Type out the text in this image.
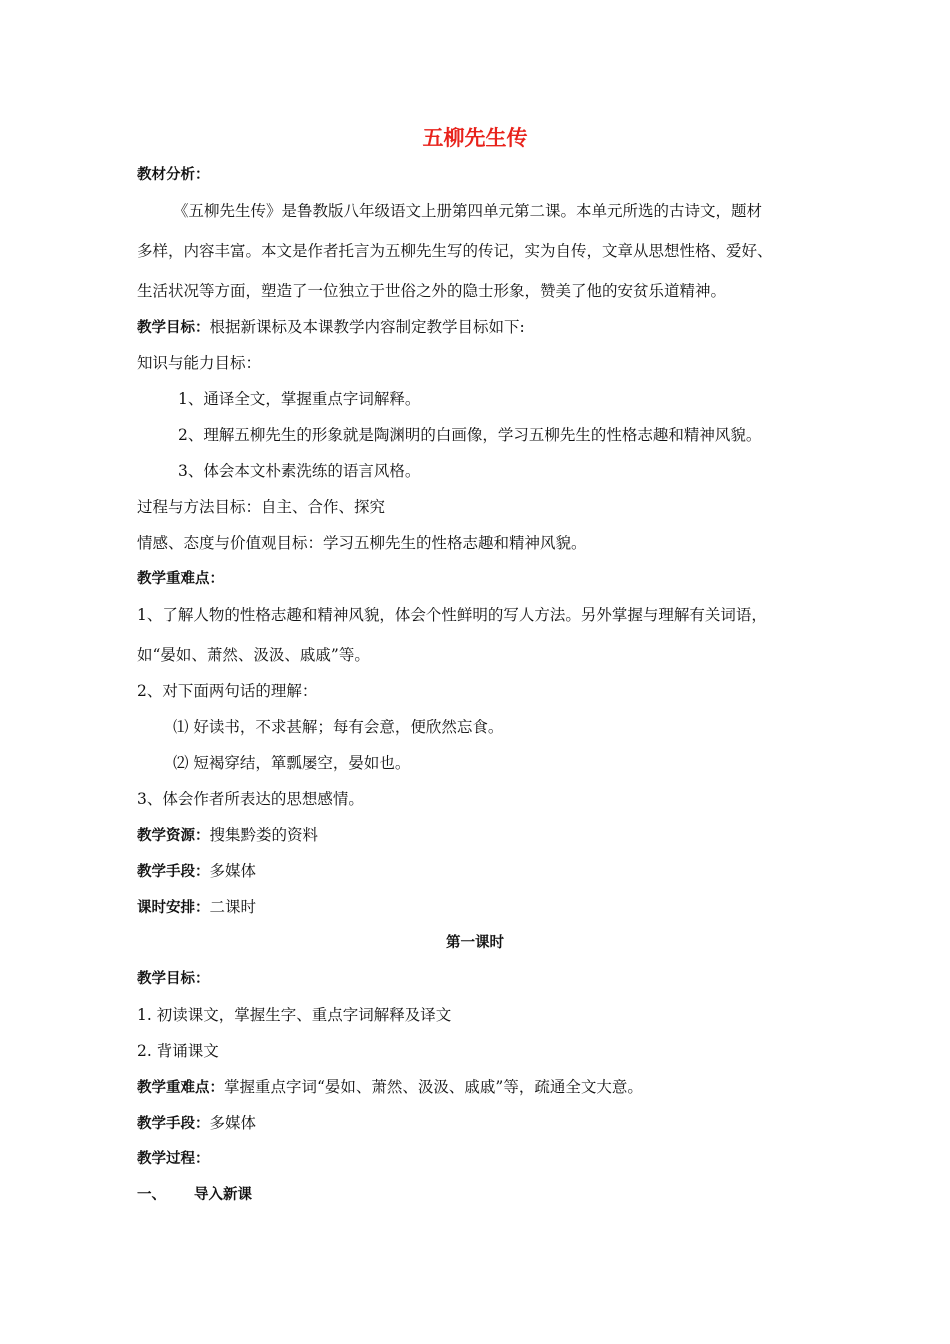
五柳先生传
教材分析：
《五柳先生传》是鲁教版八年级语文上册第四单元第二课。本单元所选的古诗文，题材
多样，内容丰富。本文是作者托言为五柳先生写的传记，实为自传，文章从思想性格、爱好、
生活状况等方面，塑造了一位独立于世俗之外的隐士形象，赞美了他的安贫乐道精神。
教学目标：根据新课标及本课教学内容制定教学目标如下:
知识与能力目标：
1、通译全文，掌握重点字词解释。
2、理解五柳先生的形象就是陶渊明的白画像，学习五柳先生的性格志趣和精神风貌。
3、体会本文朴素洗练的语言风格。
过程与方法目标：自主、合作、探究
情感、态度与价值观目标：学习五柳先生的性格志趣和精神风貌。
教学重难点：
1、了解人物的性格志趣和精神风貌，体会个性鲜明的写人方法。另外掌握与理解有关词语，
如“晏如、萧然、汲汲、戚戚”等。
2、对下面两句话的理解：
⑴ 好读书，不求甚解；每有会意，便欣然忘食。
⑵ 短褐穿结，箪瓢屡空，晏如也。
3、体会作者所表达的思想感情。
教学资源：搜集黔娄的资料
教学手段：多媒体
课时安排：二课时
第一课时
教学目标：
1. 初读课文，掌握生字、重点字词解释及译文
2. 背诵课文
教学重难点：掌握重点字词“晏如、萧然、汲汲、戚戚”等，疏通全文大意。
教学手段：多媒体
教学过程：
一、 导入新课
